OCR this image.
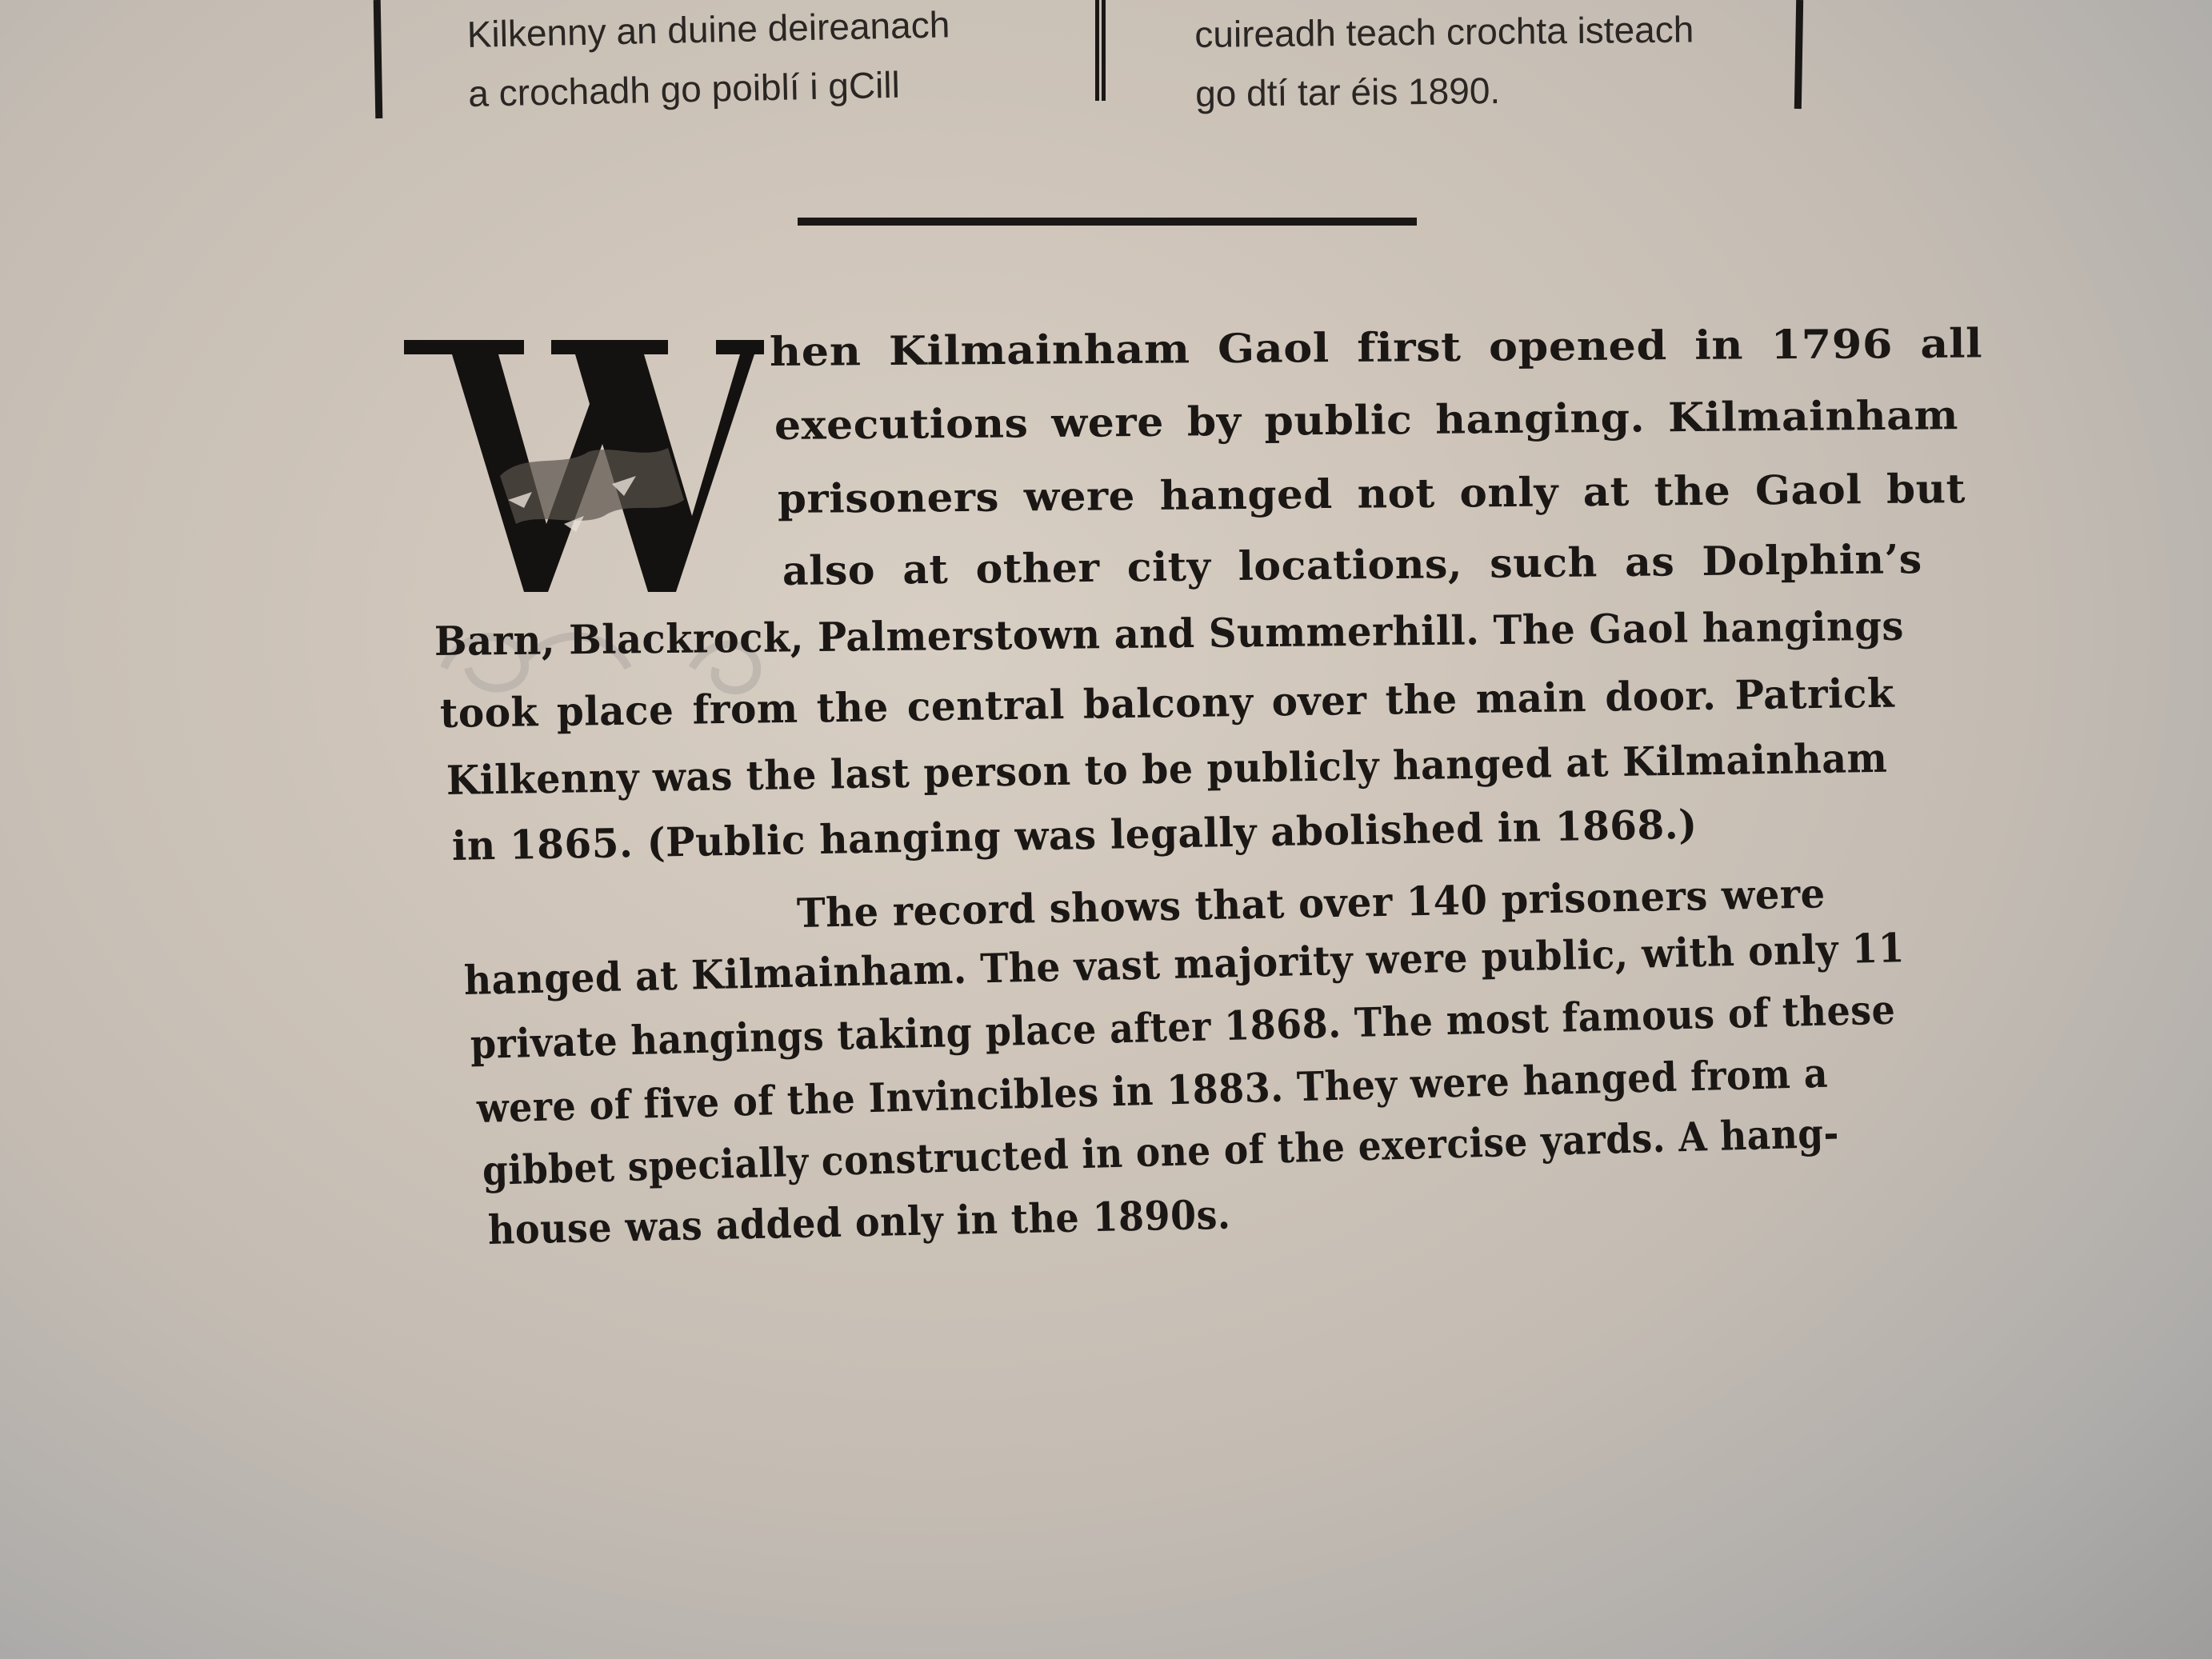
Kilkenny an duine deireanach
a crochadh go poiblí i gCill
cuireadh teach crochta isteach
go dtí tar éis 1890.
hen Kilmainham Gaol first opened in 1796 all
executions were by public hanging. Kilmainham
prisoners were hanged not only at the Gaol but
also at other city locations, such as Dolphin’s
Barn, Blackrock, Palmerstown and Summerhill. The Gaol hangings
took place from the central balcony over the main door. Patrick
Kilkenny was the last person to be publicly hanged at Kilmainham
in 1865. (Public hanging was legally abolished in 1868.)
The record shows that over 140 prisoners were
hanged at Kilmainham. The vast majority were public, with only 11
private hangings taking place after 1868. The most famous of these
were of five of the Invincibles in 1883. They were hanged from a
gibbet specially constructed in one of the exercise yards. A hang-
house was added only in the 1890s.
